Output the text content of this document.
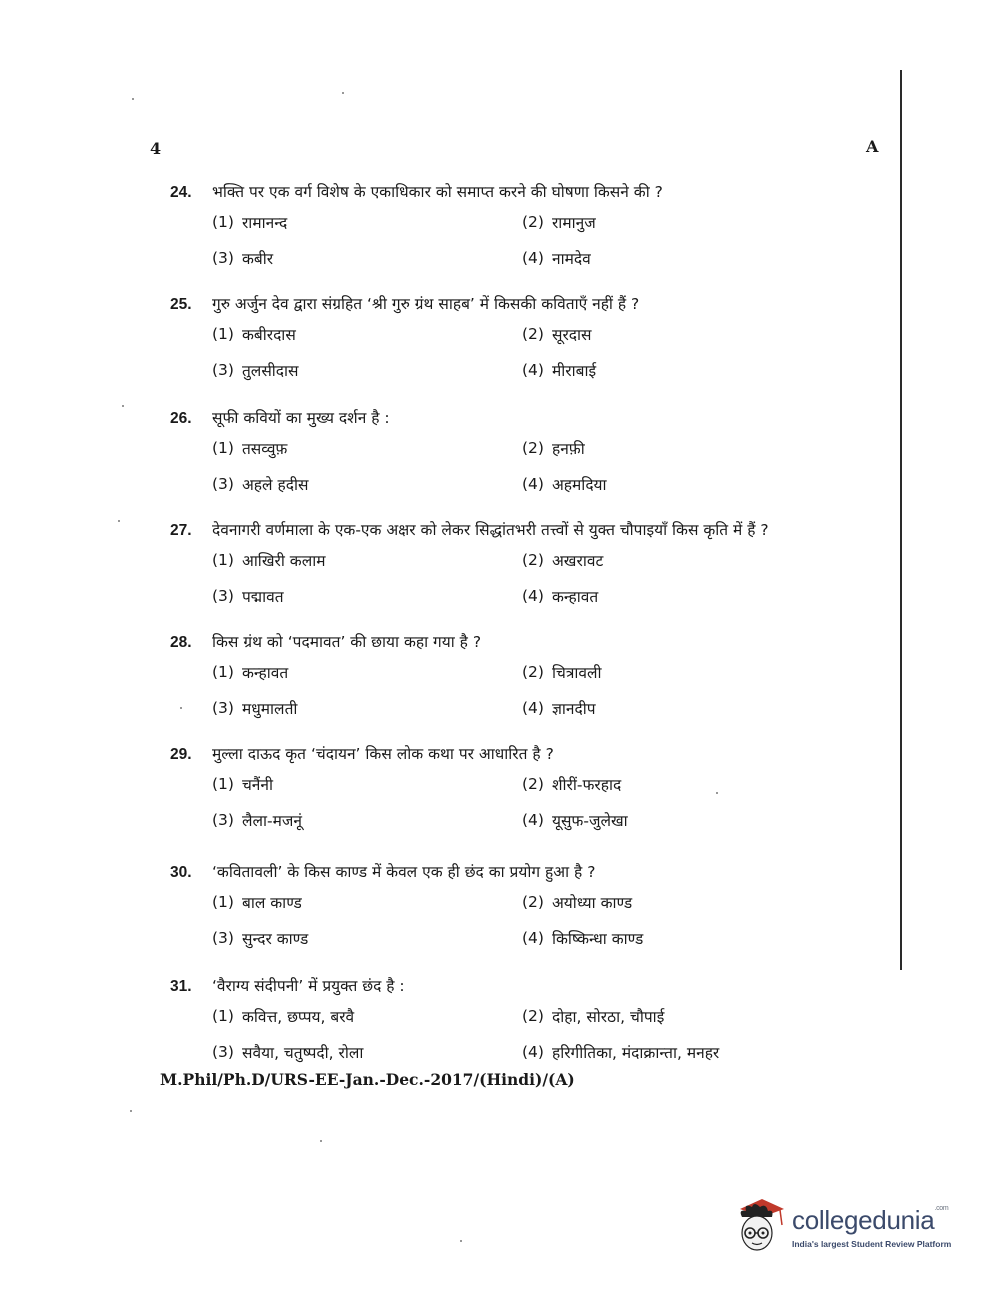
4	A
24.	भक्ति पर एक वर्ग विशेष के एकाधिकार को समाप्त करने की घोषणा किसने की ?
(1) रामानन्द	(2) रामानुज
(3) कबीर	(4) नामदेव
25.	गुरु अर्जुन देव द्वारा संग्रहित ‘श्री गुरु ग्रंथ साहब’ में किसकी कविताएँ नहीं हैं ?
(1) कबीरदास	(2) सूरदास
(3) तुलसीदास	(4) मीराबाई
26.	सूफी कवियों का मुख्य दर्शन है :
(1) तसव्वुफ़	(2) हनफ़ी
(3) अहले हदीस	(4) अहमदिया
27.	देवनागरी वर्णमाला के एक-एक अक्षर को लेकर सिद्धांतभरी तत्त्वों से युक्त चौपाइयाँ किस कृति में हैं ?
(1) आखिरी कलाम	(2) अखरावट
(3) पद्मावत	(4) कन्हावत
28.	किस ग्रंथ को ‘पदमावत’ की छाया कहा गया है ?
(1) कन्हावत	(2) चित्रावली
(3) मधुमालती	(4) ज्ञानदीप
29.	मुल्ला दाऊद कृत ‘चंदायन’ किस लोक कथा पर आधारित है ?
(1) चनैंनी	(2) शीरीं-फरहाद
(3) लैला-मजनूं	(4) यूसुफ-जुलेखा
30.	‘कवितावली’ के किस काण्ड में केवल एक ही छंद का प्रयोग हुआ है ?
(1) बाल काण्ड	(2) अयोध्या काण्ड
(3) सुन्दर काण्ड	(4) किष्किन्धा काण्ड
31.	‘वैराग्य संदीपनी’ में प्रयुक्त छंद है :
(1) कवित्त, छप्पय, बरवै	(2) दोहा, सोरठा, चौपाई
(3) सवैया, चतुष्पदी, रोला	(4) हरिगीतिका, मंदाक्रान्ता, मनहर
M.Phil/Ph.D/URS-EE-Jan.-Dec.-2017/(Hindi)/(A)
collegedunia$^{.com}$
India's largest Student Review Platform
